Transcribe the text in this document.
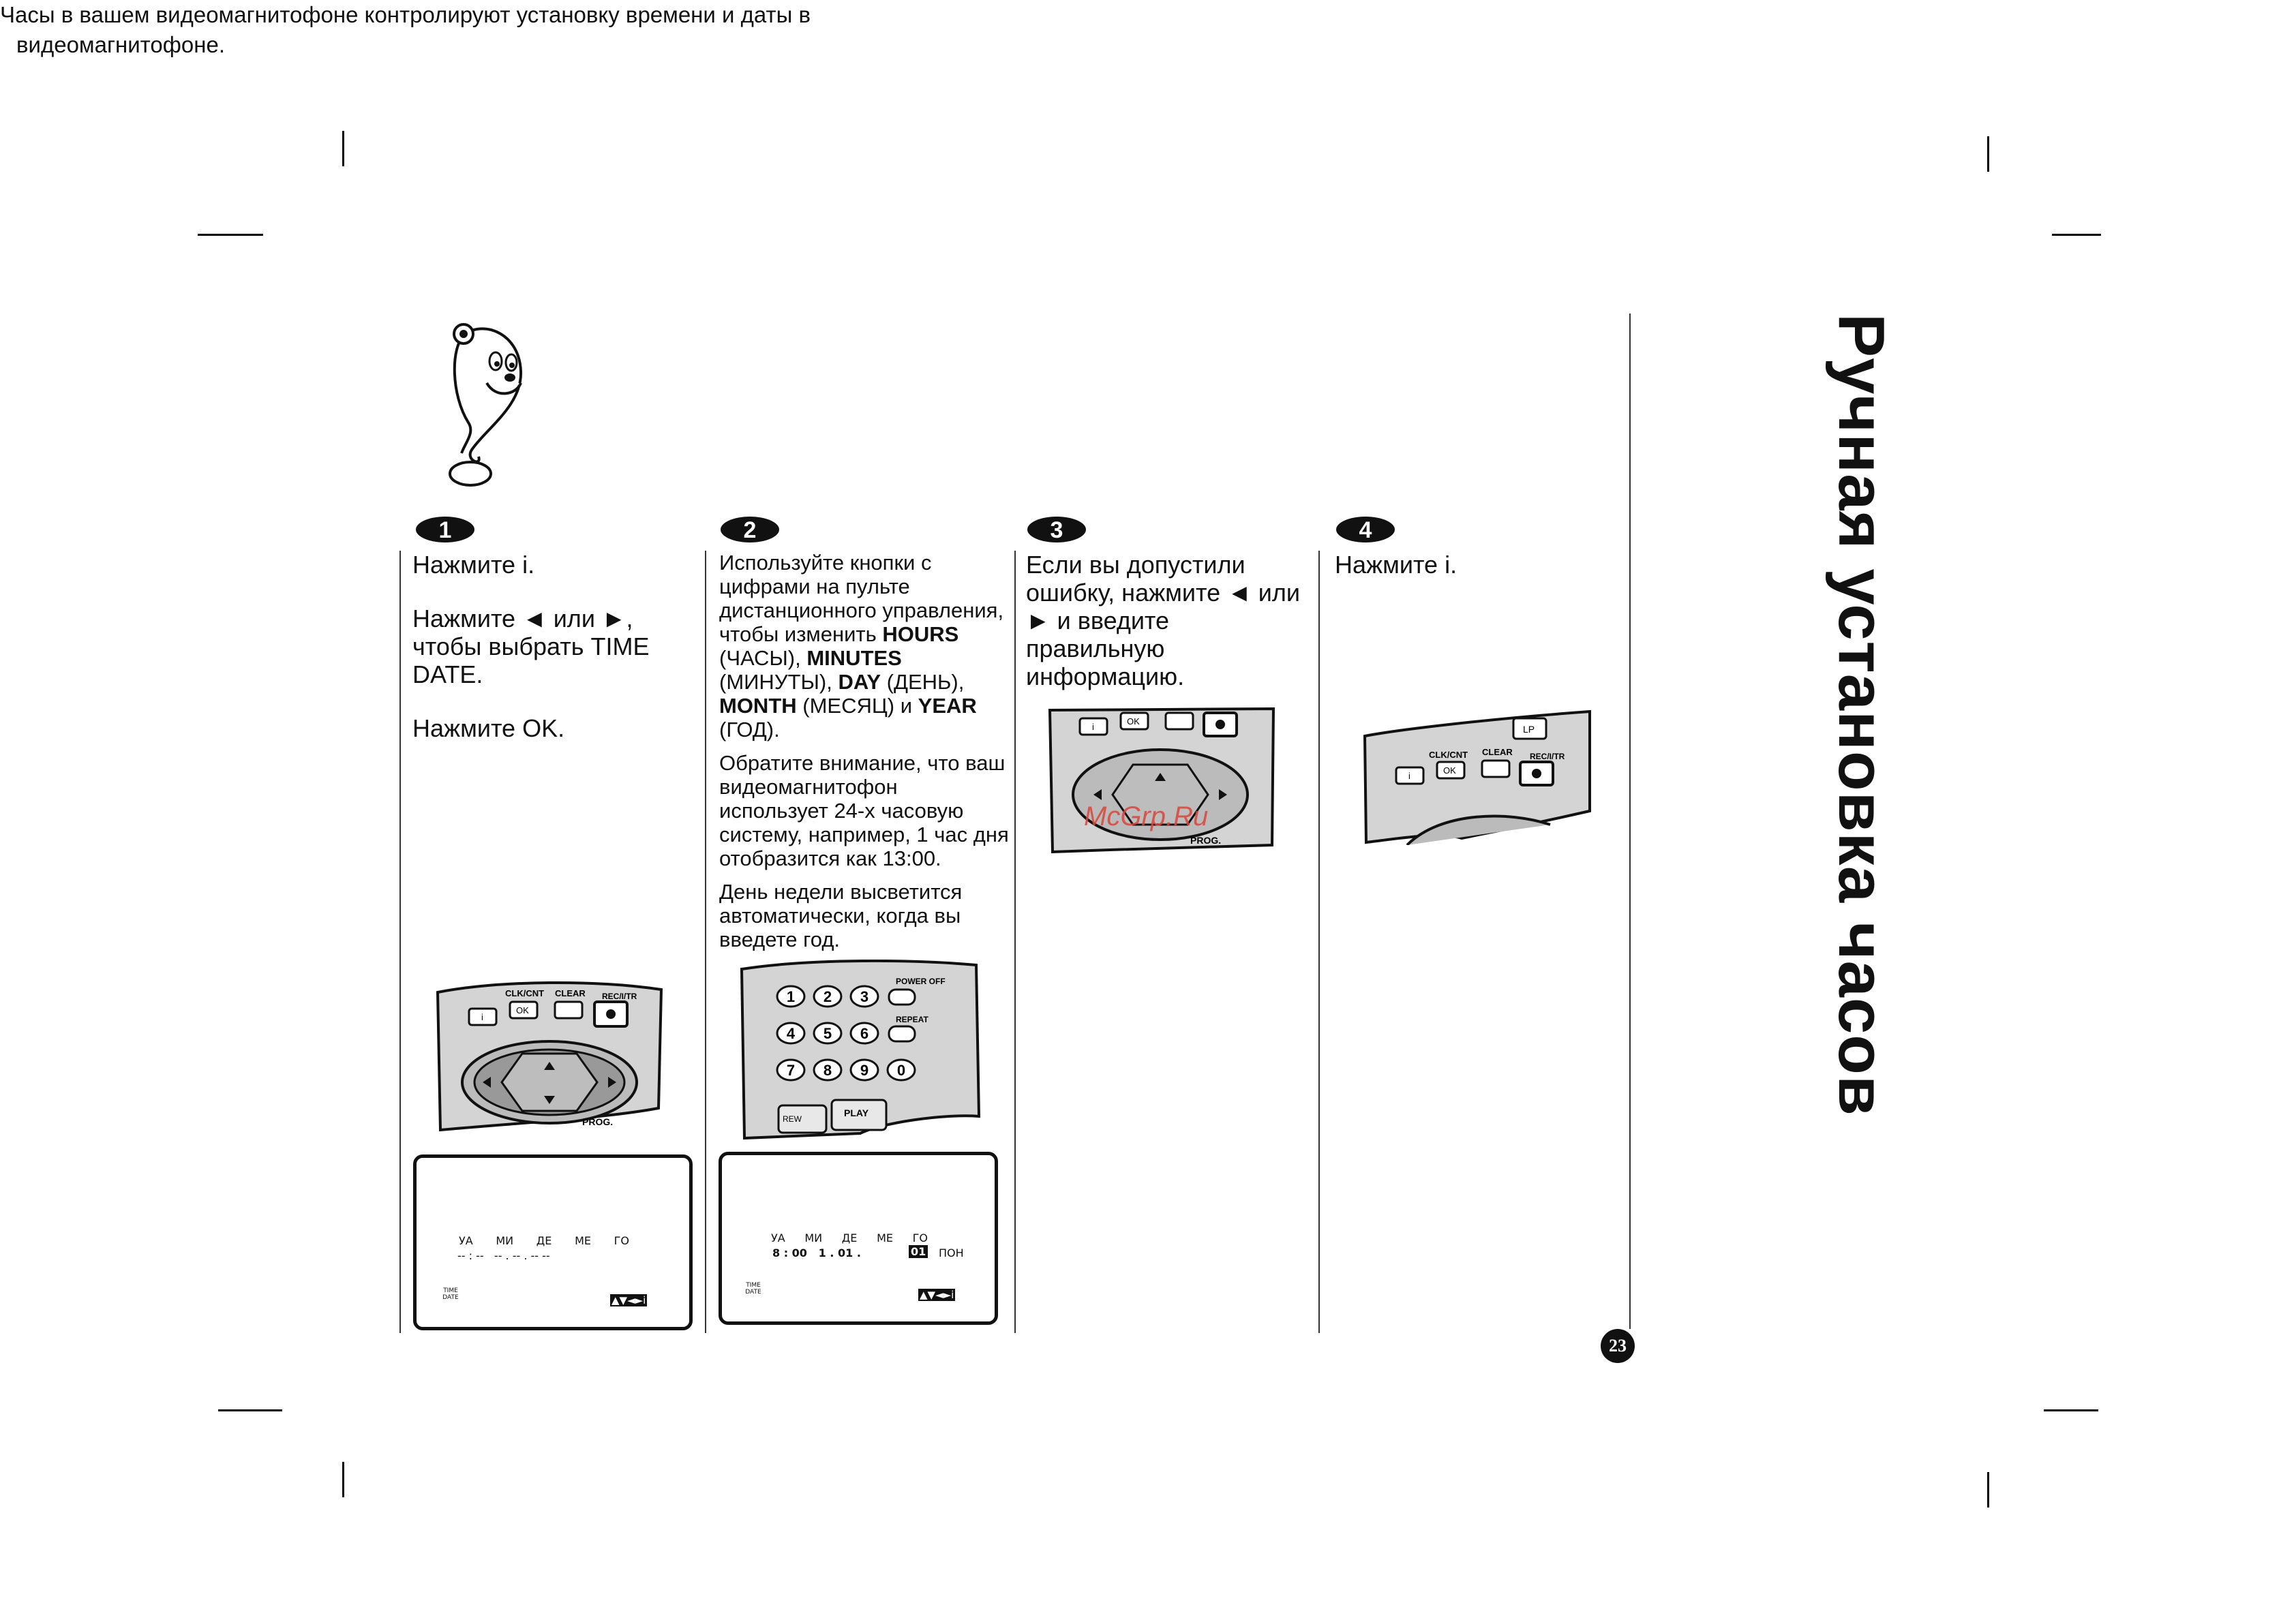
Часы в вашем видеомагнитофоне контролируют установку времени и даты в
видеомагнитофоне.
1	2	3	4

Нажмите i.

Нажмите ◄ или ►, чтобы выбрать TIME DATE.

Нажмите OK.

Используйте кнопки с цифрами на пульте дистанционного управления, чтобы изменить HOURS (ЧАСЫ), MINUTES (МИНУТЫ), DAY (ДЕНЬ), MONTH (МЕСЯЦ) и YEAR (ГОД).

Обратите внимание, что ваш видеомагнитофон использует 24-х часовую систему, например, 1 час дня отобразится как 13:00.

День недели высветится автоматически, когда вы введете год.

Если вы допустили ошибку, нажмите ◄ или ► и введите правильную информацию.

Нажмите i.

CLK/CNT CLEAR REC/I/TR
i
OK
PROG.
УА МИ ДЕ МЕ ГО
-- : --   -- . -- . -- --
TIME DATE	▲▼◄►i
1 2 3
4 5 6
7 8 9 0
POWER OFF
REPEAT
REW
PLAY
УА МИ ДЕ МЕ ГО
8 : 00   1 . 01 .	01 ПОН
TIME DATE	▲▼◄►i
i
OK
PROG.
LP
CLK/CNT CLEAR REC/I/TR
i
OK
McGrp.Ru	Ручная установка часов
23
